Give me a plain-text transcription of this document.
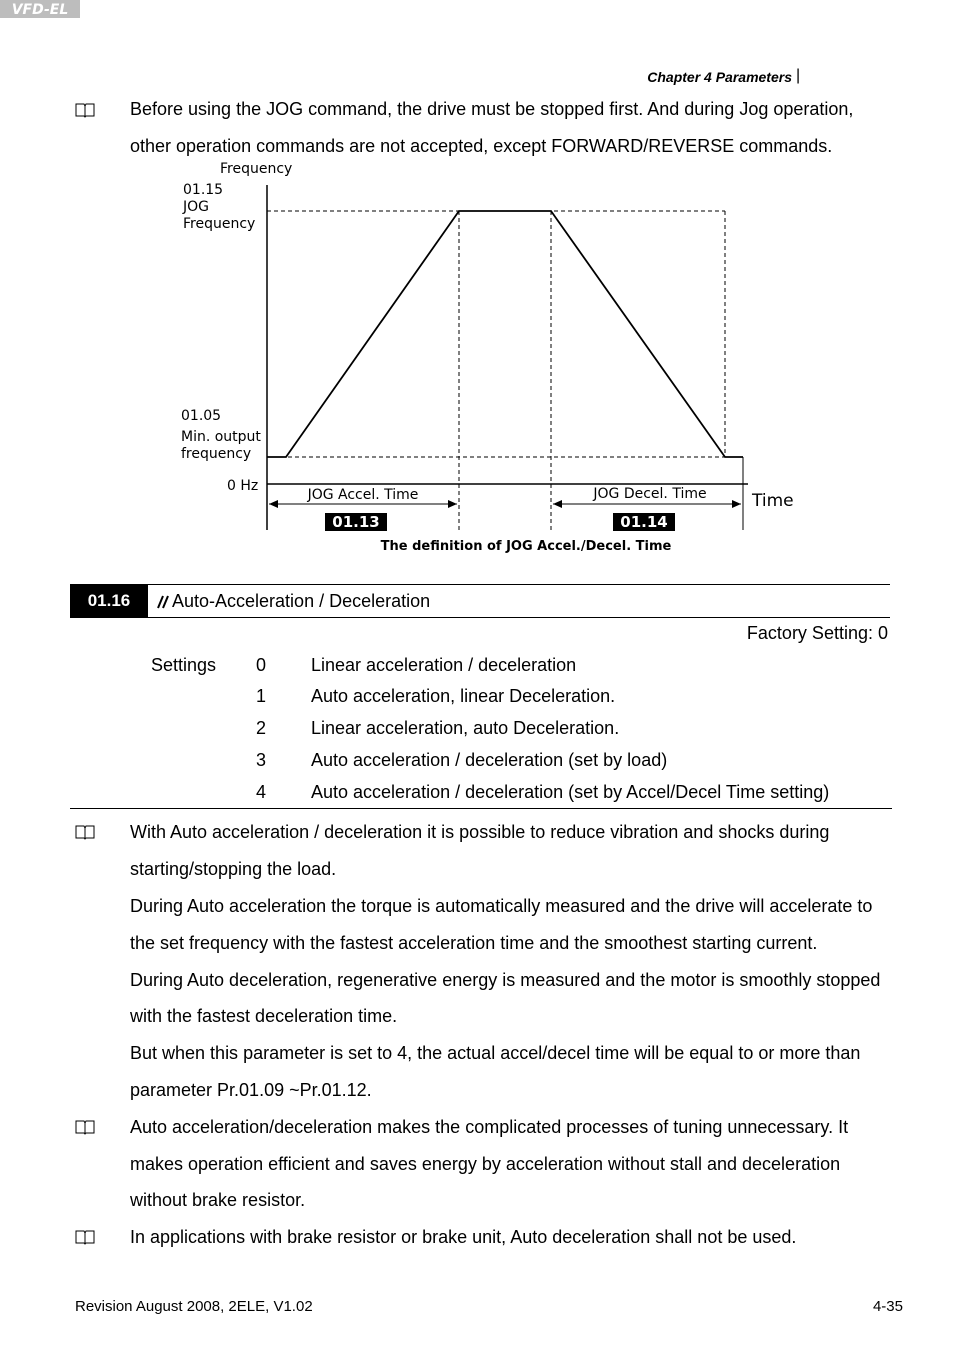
Chapter 4 Parameters |
VFD-EL
Before using the JOG command, the drive must be stopped first. And during Jog operation,
other operation commands are not accepted, except FORWARD/REVERSE commands.
Frequency
01.15
JOG
Frequency
01.05
Min. output
frequency
0 Hz
Time
JOG Accel. Time
01.13
JOG Decel. Time
01.14
The definition of JOG Accel./Decel. Time
01.16	Auto-Acceleration / Deceleration
Factory Setting: 0
Settings 0 Linear acceleration / deceleration
1 Auto acceleration, linear Deceleration.
2 Linear acceleration, auto Deceleration.
3 Auto acceleration / deceleration (set by load)
4 Auto acceleration / deceleration (set by Accel/Decel Time setting)
With Auto acceleration / deceleration it is possible to reduce vibration and shocks during
starting/stopping the load.
During Auto acceleration the torque is automatically measured and the drive will accelerate to
the set frequency with the fastest acceleration time and the smoothest starting current.
During Auto deceleration, regenerative energy is measured and the motor is smoothly stopped
with the fastest deceleration time.
But when this parameter is set to 4, the actual accel/decel time will be equal to or more than
parameter Pr.01.09 ~Pr.01.12.
Auto acceleration/deceleration makes the complicated processes of tuning unnecessary. It
makes operation efficient and saves energy by acceleration without stall and deceleration
without brake resistor.
In applications with brake resistor or brake unit, Auto deceleration shall not be used.
Revision August 2008, 2ELE, V1.02	4-35
